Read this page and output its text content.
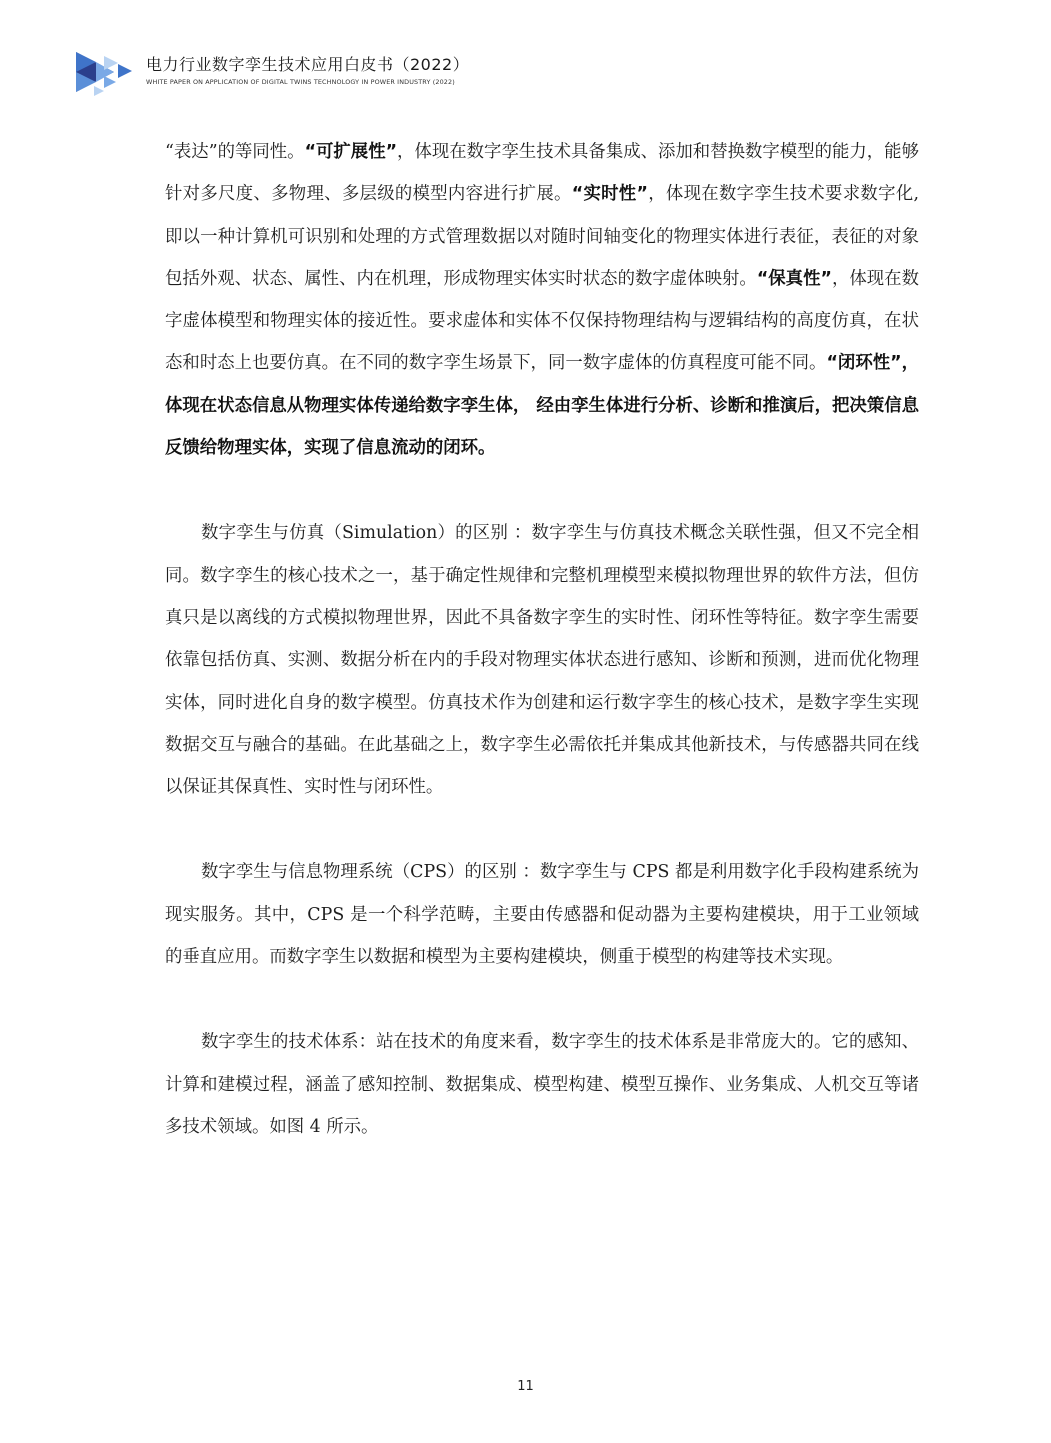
电力行业数字孪生技术应用白皮书（2022）
WHITE PAPER ON APPLICATION OF DIGITAL TWINS TECHNOLOGY IN POWER INDUSTRY (2022)

“表达”的等同性。“可扩展性”，体现在数字孪生技术具备集成、添加和替换数字模型的能力，能够针对多尺度、多物理、多层级的模型内容进行扩展。“实时性”，体现在数字孪生技术要求数字化,即以一种计算机可识别和处理的方式管理数据以对随时间轴变化的物理实体进行表征，表征的对象包括外观、状态、属性、内在机理，形成物理实体实时状态的数字虚体映射。“保真性”，体现在数字虚体模型和物理实体的接近性。要求虚体和实体不仅保持物理结构与逻辑结构的高度仿真，在状态和时态上也要仿真。在不同的数字孪生场景下，同一数字虚体的仿真程度可能不同。“闭环性”，体现在状态信息从物理实体传递给数字孪生体， 经由孪生体进行分析、诊断和推演后，把决策信息反馈给物理实体，实现了信息流动的闭环。

数字孪生与仿真（Simulation）的区别 ：数字孪生与仿真技术概念关联性强，但又不完全相同。数字孪生的核心技术之一，基于确定性规律和完整机理模型来模拟物理世界的软件方法，但仿真只是以离线的方式模拟物理世界，因此不具备数字孪生的实时性、闭环性等特征。数字孪生需要依靠包括仿真、实测、数据分析在内的手段对物理实体状态进行感知、诊断和预测，进而优化物理实体，同时进化自身的数字模型。仿真技术作为创建和运行数字孪生的核心技术，是数字孪生实现数据交互与融合的基础。在此基础之上，数字孪生必需依托并集成其他新技术，与传感器共同在线以保证其保真性、实时性与闭环性。

数字孪生与信息物理系统（CPS）的区别 ：数字孪生与 CPS 都是利用数字化手段构建系统为现实服务。其中，CPS 是一个科学范畴，主要由传感器和促动器为主要构建模块，用于工业领域的垂直应用。而数字孪生以数据和模型为主要构建模块，侧重于模型的构建等技术实现。

数字孪生的技术体系：站在技术的角度来看，数字孪生的技术体系是非常庞大的。它的感知、计算和建模过程，涵盖了感知控制、数据集成、模型构建、模型互操作、业务集成、人机交互等诸多技术领域。如图 4 所示。

11
